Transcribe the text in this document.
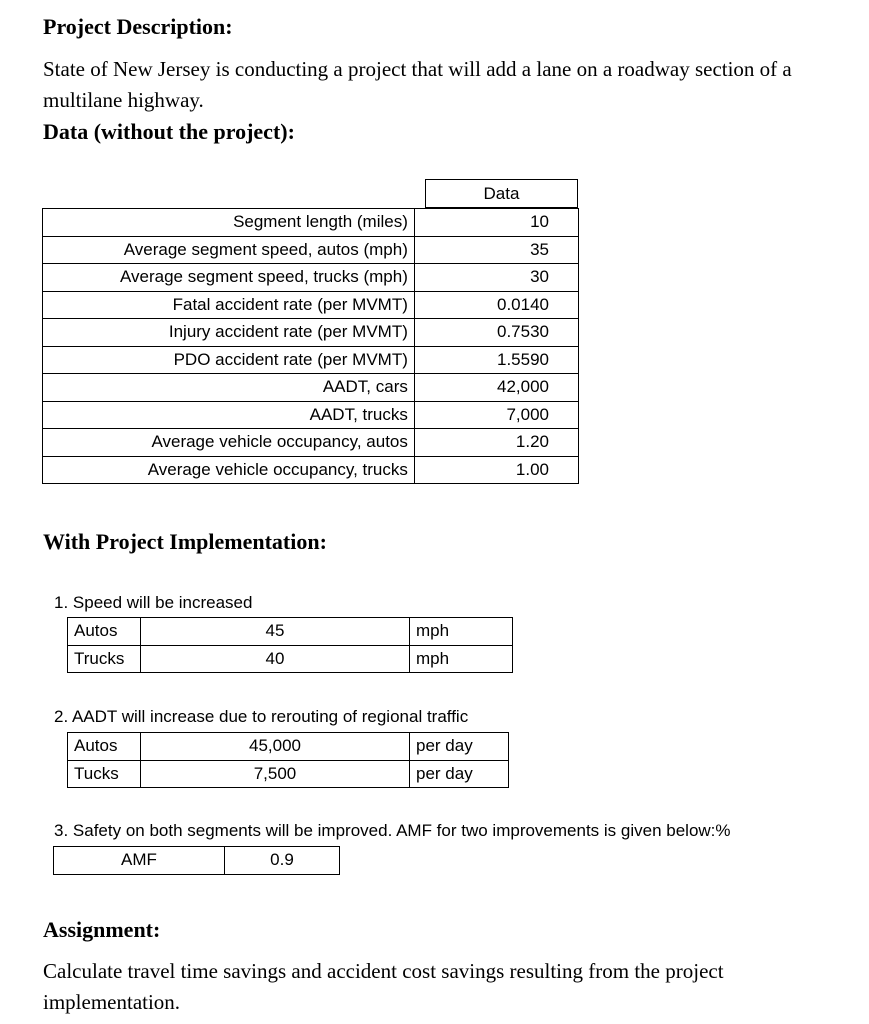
Project Description:
State of New Jersey is conducting a project that will add a lane on a roadway section of a multilane highway.
Data (without the project):
Data
Segment length (miles)	10
Average segment speed, autos (mph)	35
Average segment speed, trucks (mph)	30
Fatal accident rate (per MVMT)	0.0140
Injury accident rate (per MVMT)	0.7530
PDO accident rate (per MVMT)	1.5590
AADT, cars	42,000
AADT, trucks	7,000
Average vehicle occupancy, autos	1.20
Average vehicle occupancy, trucks	1.00
With Project Implementation:
1. Speed will be increased
Autos	45	mph
Trucks	40	mph
2. AADT will increase due to rerouting of regional traffic
Autos	45,000	per day
Tucks	7,500	per day
3. Safety on both segments will be improved. AMF for two improvements is given below:%
AMF	0.9
Assignment:
Calculate travel time savings and accident cost savings resulting from the project implementation.
